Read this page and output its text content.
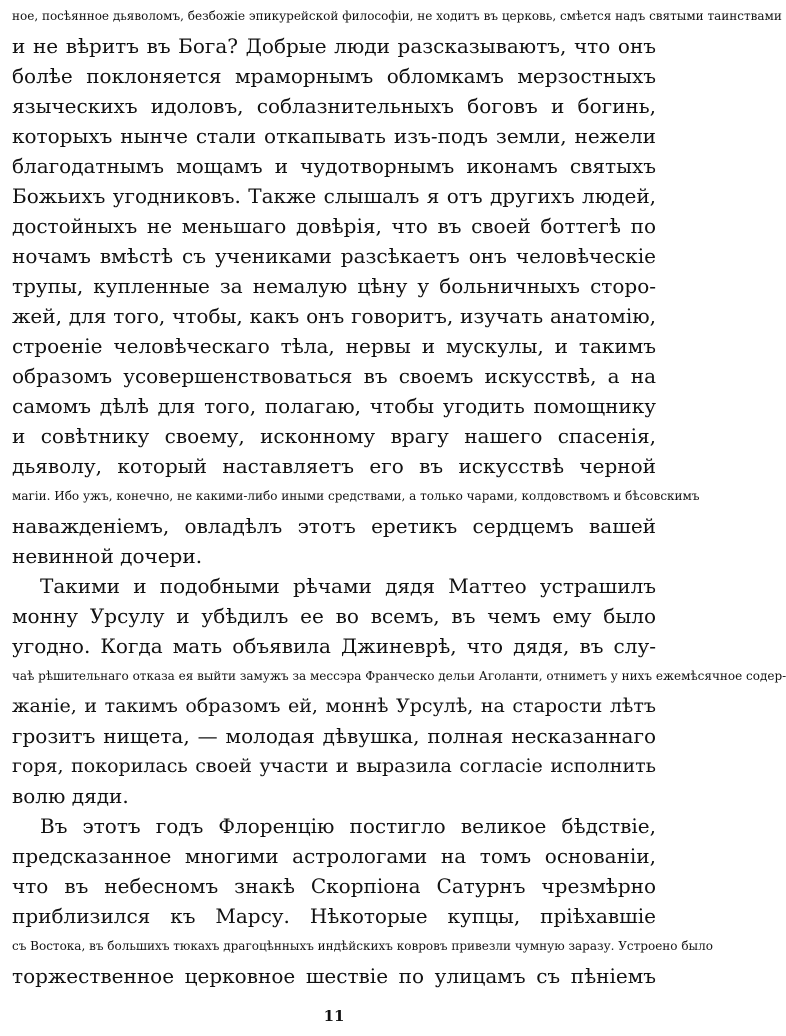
ное, посѣянное дьяволомъ, безбожіе эпикурейской философіи, не ходитъ въ церковь, смѣется надъ святыми таинствами
и не вѣритъ въ Бога? Добрые люди разсказываютъ, что онъ
болѣе поклоняется мраморнымъ обломкамъ мерзостныхъ
языческихъ идоловъ, соблазнительныхъ боговъ и богинь,
которыхъ нынче стали откапывать изъ-подъ земли, нежели
благодатнымъ мощамъ и чудотворнымъ иконамъ святыхъ
Божьихъ угодниковъ. Также слышалъ я отъ другихъ людей,
достойныхъ не меньшаго довѣрія, что въ своей боттегѣ по
ночамъ вмѣстѣ съ учениками разсѣкаетъ онъ человѣческіе
трупы, купленные за немалую цѣну у больничныхъ сторо-
жей, для того, чтобы, какъ онъ говоритъ, изучать анатомію,
строеніе человѣческаго тѣла, нервы и мускулы, и такимъ
образомъ усовершенствоваться въ своемъ искусствѣ, а на
самомъ дѣлѣ для того, полагаю, чтобы угодить помощнику
и совѣтнику своему, исконному врагу нашего спасенія,
дьяволу, который наставляетъ его въ искусствѣ черной
магіи. Ибо ужъ, конечно, не какими-либо иными средствами, а только чарами, колдовствомъ и бѣсовскимъ
наважденіемъ, овладѣлъ этотъ еретикъ сердцемъ вашей
невинной дочери.
Такими и подобными рѣчами дядя Маттео устрашилъ
монну Урсулу и убѣдилъ ее во всемъ, въ чемъ ему было
угодно. Когда мать объявила Джиневрѣ, что дядя, въ слу-
чаѣ рѣшительнаго отказа ея выйти замужъ за мессэра Франческо дельи Аголанти, отниметъ у нихъ ежемѣсячное содер-
жаніе, и такимъ образомъ ей, моннѣ Урсулѣ, на старости лѣтъ
грозитъ нищета, — молодая дѣвушка, полная несказаннаго
горя, покорилась своей участи и выразила согласіе исполнить
волю дяди.
Въ этотъ годъ Флоренцію постигло великое бѣдствіе,
предсказанное многими астрологами на томъ основаніи,
что въ небесномъ знакѣ Скорпіона Сатурнъ чрезмѣрно
приблизился къ Марсу. Нѣкоторые купцы, пріѣхавшіе
съ Востока, въ большихъ тюкахъ драгоцѣнныхъ индѣйскихъ ковровъ привезли чумную заразу. Устроено было
торжественное церковное шествіе по улицамъ съ пѣніемъ
11
